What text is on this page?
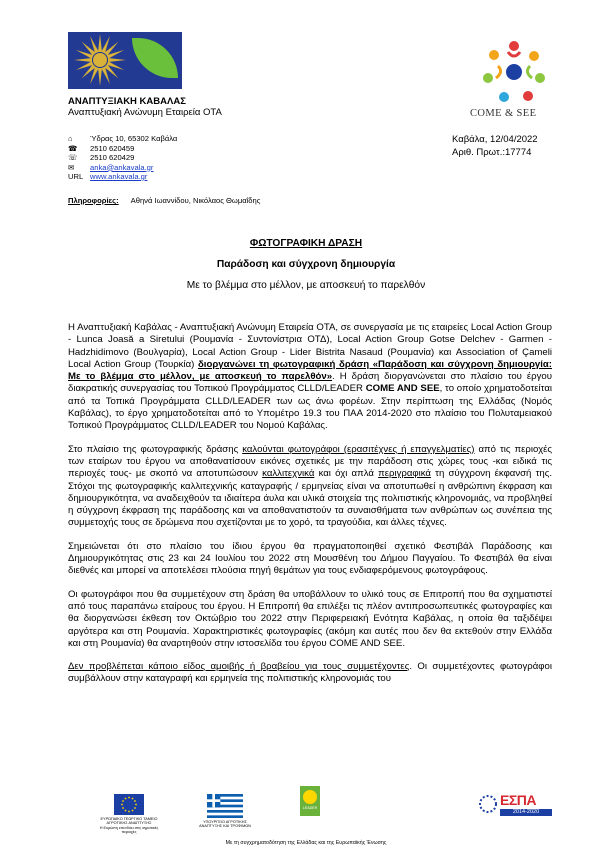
ΑΝΑΠΤΥΞΙΑΚΗ ΚΑΒΑΛΑΣ
Αναπτυξιακή Ανώνυμη Εταιρεία ΟΤΑ
⌂	Ύδρας 10, 65302 Καβάλα
☎	2510 620459
☏	2510 620429
✉	anka@ankavala.gr
URL www.ankavala.gr
Πληροφορίες: Αθηνά Ιωαννίδου, Νικόλαος Θωμαΐδης
COME & SEE
Καβάλα, 12/04/2022
Αριθ. Πρωτ.:17774
ΦΩΤΟΓΡΑΦΙΚΗ ΔΡΑΣΗ
Παράδοση και σύγχρονη δημιουργία
Με το βλέμμα στο μέλλον, με αποσκευή το παρελθόν

Η Αναπτυξιακή Καβάλας - Αναπτυξιακή Ανώνυμη Εταιρεία ΟΤΑ, σε συνεργασία με τις εταιρείες Local Action Group - Lunca Joasă a Siretului (Ρουμανία - Συντονίστρια ΟΤΔ), Local Action Group Gotse Delchev - Garmen - Hadzhidimovo (Βουλγαρία), Local Action Group - Lider Bistrita Nasaud (Ρουμανία) και Association of Çameli Local Action Group (Τουρκία) διοργανώνει τη φωτογραφική δράση «Παράδοση και σύγχρονη δημιουργία: Με το βλέμμα στο μέλλον, με αποσκευή το παρελθόν». Η δράση διοργανώνεται στο πλαίσιο του έργου διακρατικής συνεργασίας του Τοπικού Προγράμματος CLLD/LEADER COME AND SEE, το οποίο χρηματοδοτείται από τα Τοπικά Προγράμματα CLLD/LEADER των ως άνω φορέων. Στην περίπτωση της Ελλάδας (Νομός Καβάλας), το έργο χρηματοδοτείται από το Υπομέτρο 19.3 του ΠΑΑ 2014-2020 στο πλαίσιο του Πολυταμειακού Τοπικού Προγράμματος CLLD/LEADER του Νομού Καβάλας.

Στο πλαίσιο της φωτογραφικής δράσης καλούνται φωτογράφοι (ερασιτέχνες ή επαγγελματίες) από τις περιοχές των εταίρων του έργου να αποθανατίσουν εικόνες σχετικές με την παράδοση στις χώρες τους -και ειδικά τις περιοχές τους- με σκοπό να αποτυπώσουν καλλιτεχνικά και όχι απλά περιγραφικά τη σύγχρονη έκφανσή της. Στόχοι της φωτογραφικής καλλιτεχνικής καταγραφής / ερμηνείας είναι να αποτυπωθεί η ανθρώπινη έκφραση και δημιουργικότητα, να αναδειχθούν τα ιδιαίτερα άυλα και υλικά στοιχεία της πολιτιστικής κληρονομιάς, να προβληθεί η σύγχρονη έκφραση της παράδοσης και να αποθανατιστούν τα συναισθήματα των ανθρώπων ως συνέπεια της συμμετοχής τους σε δρώμενα που σχετίζονται με το χορό, τα τραγούδια, και άλλες τέχνες.

Σημειώνεται ότι στο πλαίσιο του ίδιου έργου θα πραγματοποιηθεί σχετικό Φεστιβάλ Παράδοσης και Δημιουργικότητας στις 23 και 24 Ιουλίου του 2022 στη Μουσθένη του Δήμου Παγγαίου. Το Φεστιβάλ θα είναι διεθνές και μπορεί να αποτελέσει πλούσια πηγή θεμάτων για τους ενδιαφερόμενους φωτογράφους.

Οι φωτογράφοι που θα συμμετέχουν στη δράση θα υποβάλλουν το υλικό τους σε Επιτροπή που θα σχηματιστεί από τους παραπάνω εταίρους του έργου. Η Επιτροπή θα επιλέξει τις πλέον αντιπροσωπευτικές φωτογραφίες και θα διοργανώσει έκθεση τον Οκτώβριο του 2022 στην Περιφερειακή Ενότητα Καβάλας, η οποία θα ταξιδέψει αργότερα και στη Ρουμανία. Χαρακτηριστικές φωτογραφίες (ακόμη και αυτές που δεν θα εκτεθούν στην Ελλάδα και στη Ρουμανία) θα αναρτηθούν στην ιστοσελίδα του έργου COME AND SEE.

Δεν προβλέπεται κάποιο είδος αμοιβής ή βραβείου για τους συμμετέχοντες. Οι συμμετέχοντες φωτογράφοι συμβάλλουν στην καταγραφή και ερμηνεία της πολιτιστικής κληρονομιάς του

ΕΥΡΩΠΑΪΚΟ ΓΕΩΡΓΙΚΟ ΤΑΜΕΙΟ ΑΓΡΟΤΙΚΗΣ ΑΝΑΠΤΥΞΗΣ
Η Ευρώπη επενδύει στις αγροτικές περιοχές
ΥΠΟΥΡΓΕΙΟ ΑΓΡΟΤΙΚΗΣ ΑΝΑΠΤΥΞΗΣ ΚΑΙ ΤΡΟΦΙΜΩΝ
LEADER	ΕΣΠΑ
2014-2020
Με τη συγχρηματοδότηση της Ελλάδας και της Ευρωπαϊκής Ένωσης
